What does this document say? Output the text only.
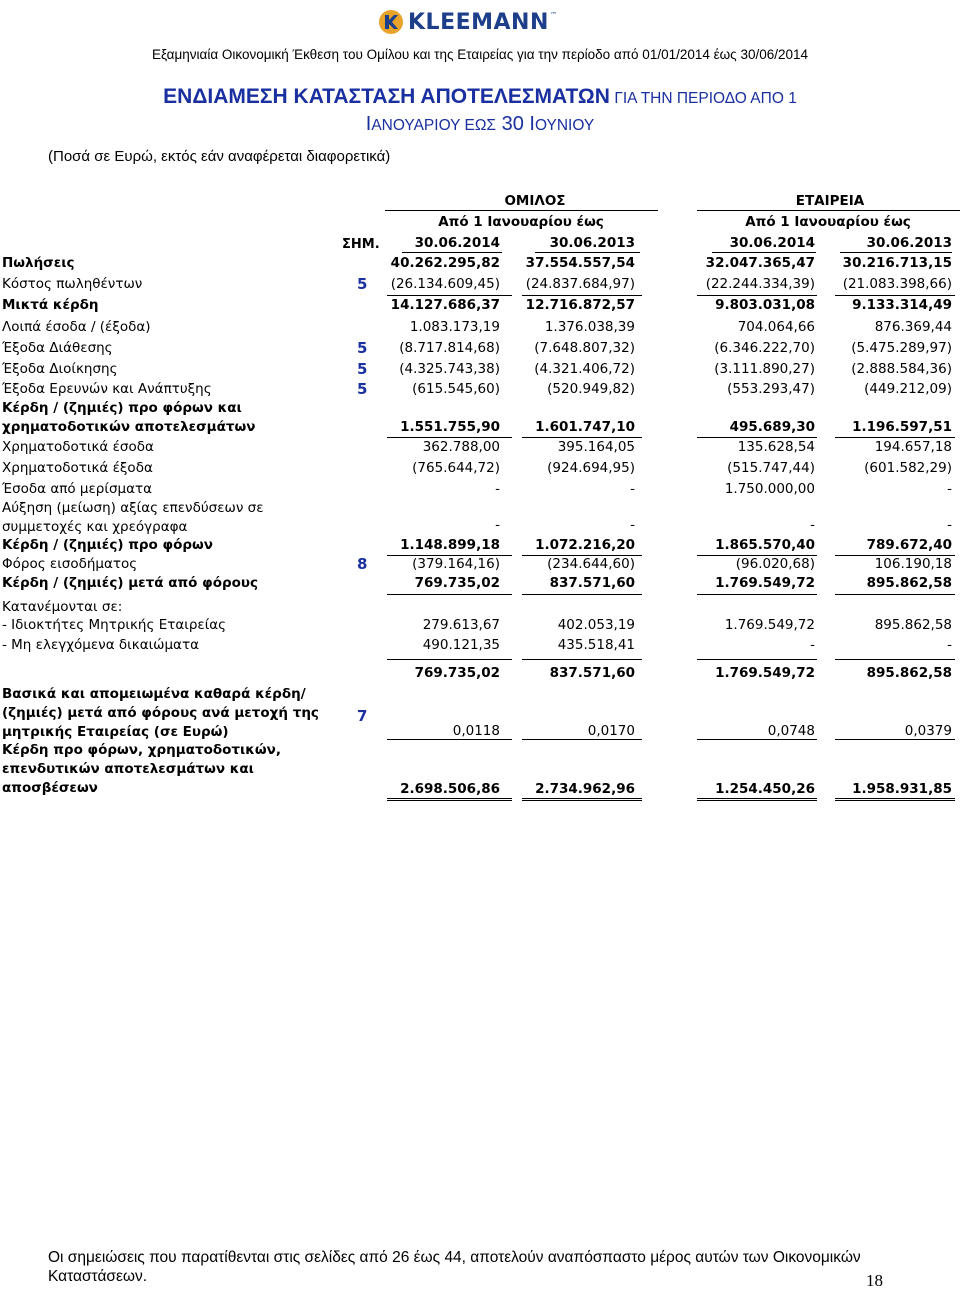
KLEEMANN ™
Εξαμηνιαία Οικονομική Έκθεση του Ομίλου και της Εταιρείας για την περίοδο από 01/01/2014 έως 30/06/2014
ΕΝΔΙΑΜΕΣΗ ΚΑΤΑΣΤΑΣΗ ΑΠΟΤΕΛΕΣΜΑΤΩΝ ΓΙΑ ΤΗΝ ΠΕΡΙΟΔΟ ΑΠΟ 1
ΙΑΝΟΥΑΡΙΟΥ ΕΩΣ 30 ΙΟΥΝΙΟΥ
(Ποσά σε Ευρώ, εκτός εάν αναφέρεται διαφορετικά)
ΟΜΙΛΟΣ	ΕΤΑΙΡΕΙΑ
Από 1 Ιανουαρίου έως	Από 1 Ιανουαρίου έως
ΣΗΜ.	30.06.2014	30.06.2013	30.06.2014	30.06.2013
Πωλήσεις	40.262.295,82	37.554.557,54	32.047.365,47	30.216.713,15
Κόστος πωληθέντων	5	(26.134.609,45)	(24.837.684,97)	(22.244.334,39)	(21.083.398,66)
Μικτά κέρδη	14.127.686,37	12.716.872,57	9.803.031,08	9.133.314,49
Λοιπά έσοδα / (έξοδα)	1.083.173,19	1.376.038,39	704.064,66	876.369,44
Έξοδα Διάθεσης	5	(8.717.814,68)	(7.648.807,32)	(6.346.222,70)	(5.475.289,97)
Έξοδα Διοίκησης	5	(4.325.743,38)	(4.321.406,72)	(3.111.890,27)	(2.888.584,36)
Έξοδα Ερευνών και Ανάπτυξης	5	(615.545,60)	(520.949,82)	(553.293,47)	(449.212,09)
Κέρδη / (ζημιές) προ φόρων και
χρηματοδοτικών αποτελεσμάτων	1.551.755,90	1.601.747,10	495.689,30	1.196.597,51
Χρηματοδοτικά έσοδα	362.788,00	395.164,05	135.628,54	194.657,18
Χρηματοδοτικά έξοδα	(765.644,72)	(924.694,95)	(515.747,44)	(601.582,29)
Έσοδα από μερίσματα	-	-	1.750.000,00	-
Αύξηση (μείωση) αξίας επενδύσεων σε
συμμετοχές και χρεόγραφα	-	-	-	-
Κέρδη / (ζημιές) προ φόρων	1.148.899,18	1.072.216,20	1.865.570,40	789.672,40
Φόρος εισοδήματος	8	(379.164,16)	(234.644,60)	(96.020,68)	106.190,18
Κέρδη / (ζημιές) μετά από φόρους	769.735,02	837.571,60	1.769.549,72	895.862,58
Κατανέμονται σε:
- Ιδιοκτήτες Μητρικής Εταιρείας	279.613,67	402.053,19	1.769.549,72	895.862,58
- Μη ελεγχόμενα δικαιώματα	490.121,35	435.518,41	-	-
769.735,02	837.571,60	1.769.549,72	895.862,58
Βασικά και απομειωμένα καθαρά κέρδη/
(ζημιές) μετά από φόρους ανά μετοχή της
μητρικής Εταιρείας (σε Ευρώ)
7
0,0118	0,0170	0,0748	0,0379
Κέρδη προ φόρων, χρηματοδοτικών,
επενδυτικών αποτελεσμάτων και
αποσβέσεων	2.698.506,86	2.734.962,96	1.254.450,26	1.958.931,85
Οι σημειώσεις που παρατίθενται στις σελίδες από 26 έως 44, αποτελούν αναπόσπαστο μέρος αυτών των Οικονομικών Καταστάσεων.	18
